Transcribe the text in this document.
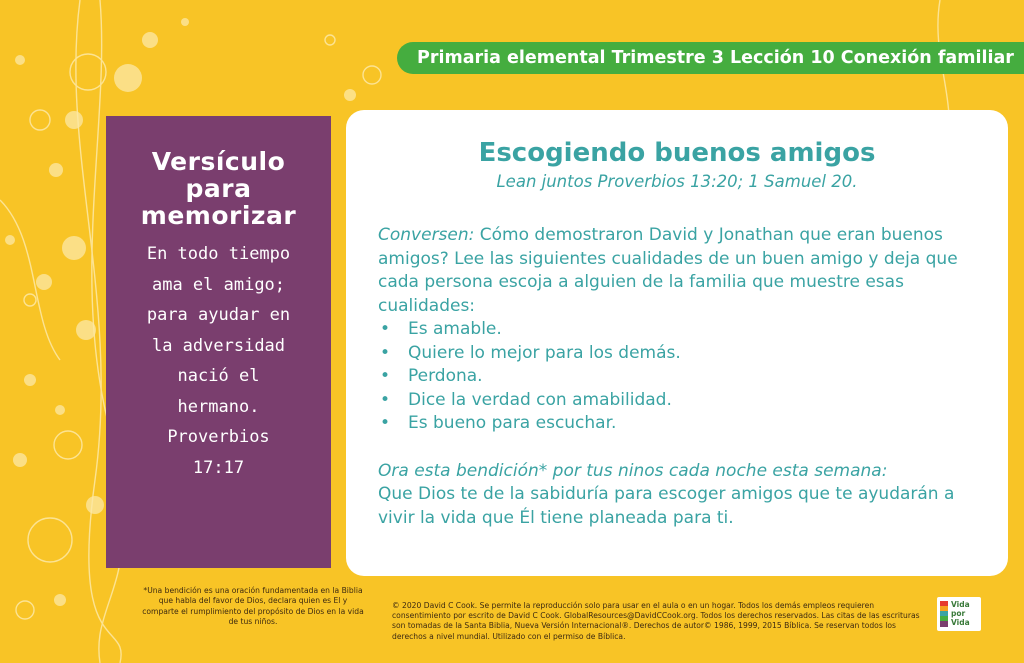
Primaria elemental Trimestre 3 Lección 10 Conexión familiar
Versículo
para
memorizar
En todo tiempo
ama el amigo;
para ayudar en
la adversidad
nació el
hermano.
Proverbios
17:17
Escogiendo buenos amigos

Lean juntos Proverbios 13:20; 1 Samuel 20.

Conversen: Cómo demostraron David y Jonathan que eran buenos amigos? Lee las siguientes cualidades de un buen amigo y deja que cada persona escoja a alguien de la familia que muestre esas cualidades:
• Es amable.
• Quiere lo mejor para los demás.
• Perdona.
• Dice la verdad con amabilidad.
• Es bueno para escuchar.
Ora esta bendición* por tus ninos cada noche esta semana:
Que Dios te de la sabiduría para escoger amigos que te ayudarán a vivir la vida que Él tiene planeada para ti.
*Una bendición es una oración fundamentada en la Biblia que habla del favor de Dios, declara quien es El y comparte el rumplimiento del propósito de Dios en la vida de tus niños.
© 2020 David C Cook. Se permite la reproducción solo para usar en el aula o en un hogar. Todos los demás empleos requieren consentimiento por escrito de David C Cook. GlobalResources@DavidCCook.org. Todos los derechos reservados. Las citas de las escrituras son tomadas de la Santa Biblia, Nueva Versión Internacional®. Derechos de autor© 1986, 1999, 2015 Bíblica. Se reservan todos los derechos a nivel mundial. Utilizado con el permiso de Bíblica.
Vida
por
Vida
